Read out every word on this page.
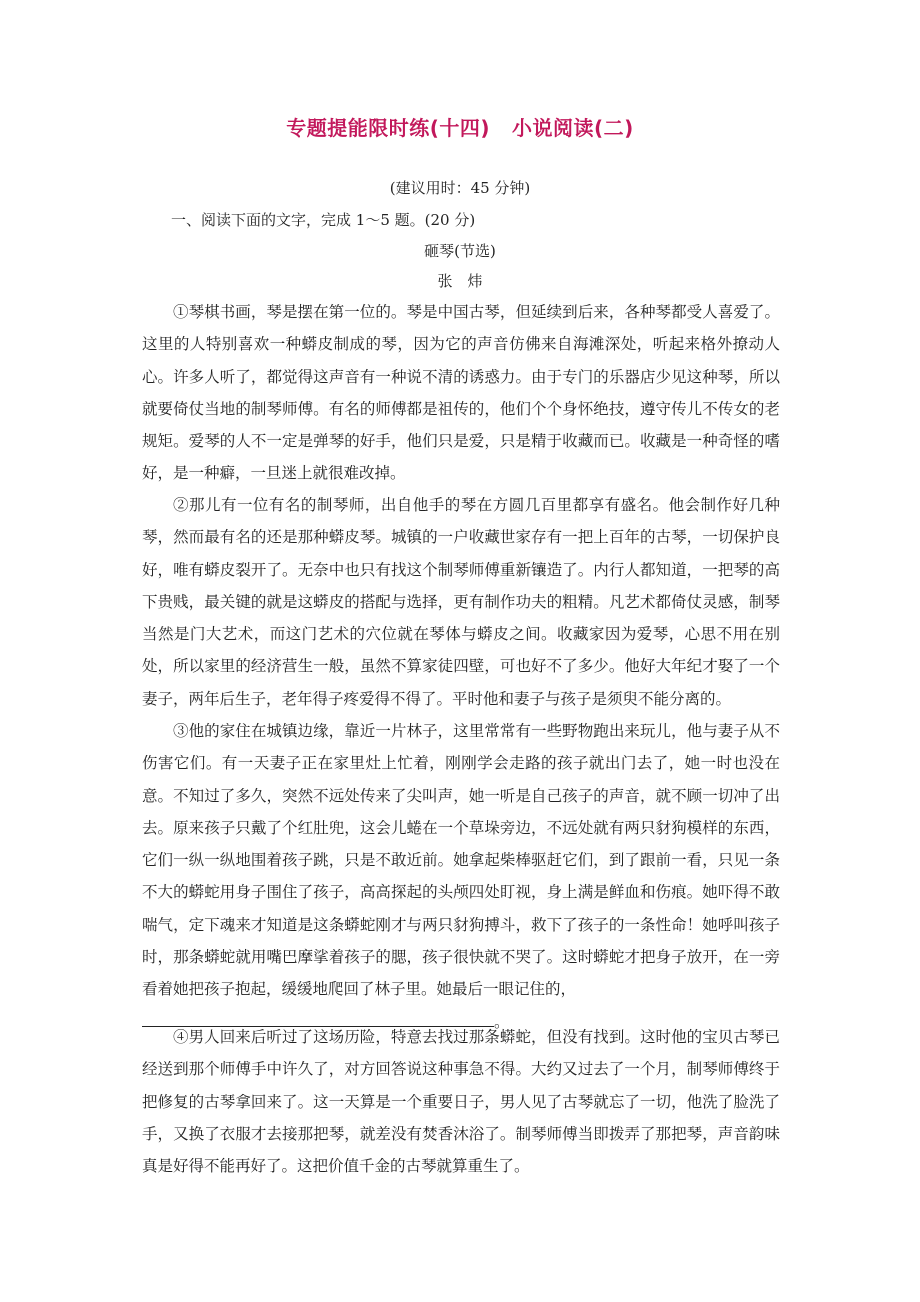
专题提能限时练(十四) 小说阅读(二)
(建议用时：45 分钟)
一、阅读下面的文字，完成 1～5 题。(20 分)
砸琴(节选)
张　炜

①琴棋书画，琴是摆在第一位的。琴是中国古琴，但延续到后来，各种琴都受人喜爱了。这里的人特别喜欢一种蟒皮制成的琴，因为它的声音仿佛来自海滩深处，听起来格外撩动人心。许多人听了，都觉得这声音有一种说不清的诱惑力。由于专门的乐器店少见这种琴，所以就要倚仗当地的制琴师傅。有名的师傅都是祖传的，他们个个身怀绝技，遵守传儿不传女的老规矩。爱琴的人不一定是弹琴的好手，他们只是爱，只是精于收藏而已。收藏是一种奇怪的嗜好，是一种癖，一旦迷上就很难改掉。

②那儿有一位有名的制琴师，出自他手的琴在方圆几百里都享有盛名。他会制作好几种琴，然而最有名的还是那种蟒皮琴。城镇的一户收藏世家存有一把上百年的古琴，一切保护良好，唯有蟒皮裂开了。无奈中也只有找这个制琴师傅重新镶造了。内行人都知道，一把琴的高下贵贱，最关键的就是这蟒皮的搭配与选择，更有制作功夫的粗精。凡艺术都倚仗灵感，制琴当然是门大艺术，而这门艺术的穴位就在琴体与蟒皮之间。收藏家因为爱琴，心思不用在别处，所以家里的经济营生一般，虽然不算家徒四壁，可也好不了多少。他好大年纪才娶了一个妻子，两年后生子，老年得子疼爱得不得了。平时他和妻子与孩子是须臾不能分离的。

③他的家住在城镇边缘，靠近一片林子，这里常常有一些野物跑出来玩儿，他与妻子从不伤害它们。有一天妻子正在家里灶上忙着，刚刚学会走路的孩子就出门去了，她一时也没在意。不知过了多久，突然不远处传来了尖叫声，她一听是自己孩子的声音，就不顾一切冲了出去。原来孩子只戴了个红肚兜，这会儿蜷在一个草垛旁边，不远处就有两只豺狗模样的东西，它们一纵一纵地围着孩子跳，只是不敢近前。她拿起柴棒驱赶它们，到了跟前一看，只见一条不大的蟒蛇用身子围住了孩子，高高探起的头颅四处盯视，身上满是鲜血和伤痕。她吓得不敢喘气，定下魂来才知道是这条蟒蛇刚才与两只豺狗搏斗，救下了孩子的一条性命！她呼叫孩子时，那条蟒蛇就用嘴巴摩挲着孩子的腮，孩子很快就不哭了。这时蟒蛇才把身子放开，在一旁看着她把孩子抱起，缓缓地爬回了林子里。她最后一眼记住的，
。

④男人回来后听过了这场历险，特意去找过那条蟒蛇，但没有找到。这时他的宝贝古琴已经送到那个师傅手中许久了，对方回答说这种事急不得。大约又过去了一个月，制琴师傅终于把修复的古琴拿回来了。这一天算是一个重要日子，男人见了古琴就忘了一切，他洗了脸洗了手，又换了衣服才去接那把琴，就差没有焚香沐浴了。制琴师傅当即拨弄了那把琴，声音韵味真是好得不能再好了。这把价值千金的古琴就算重生了。
